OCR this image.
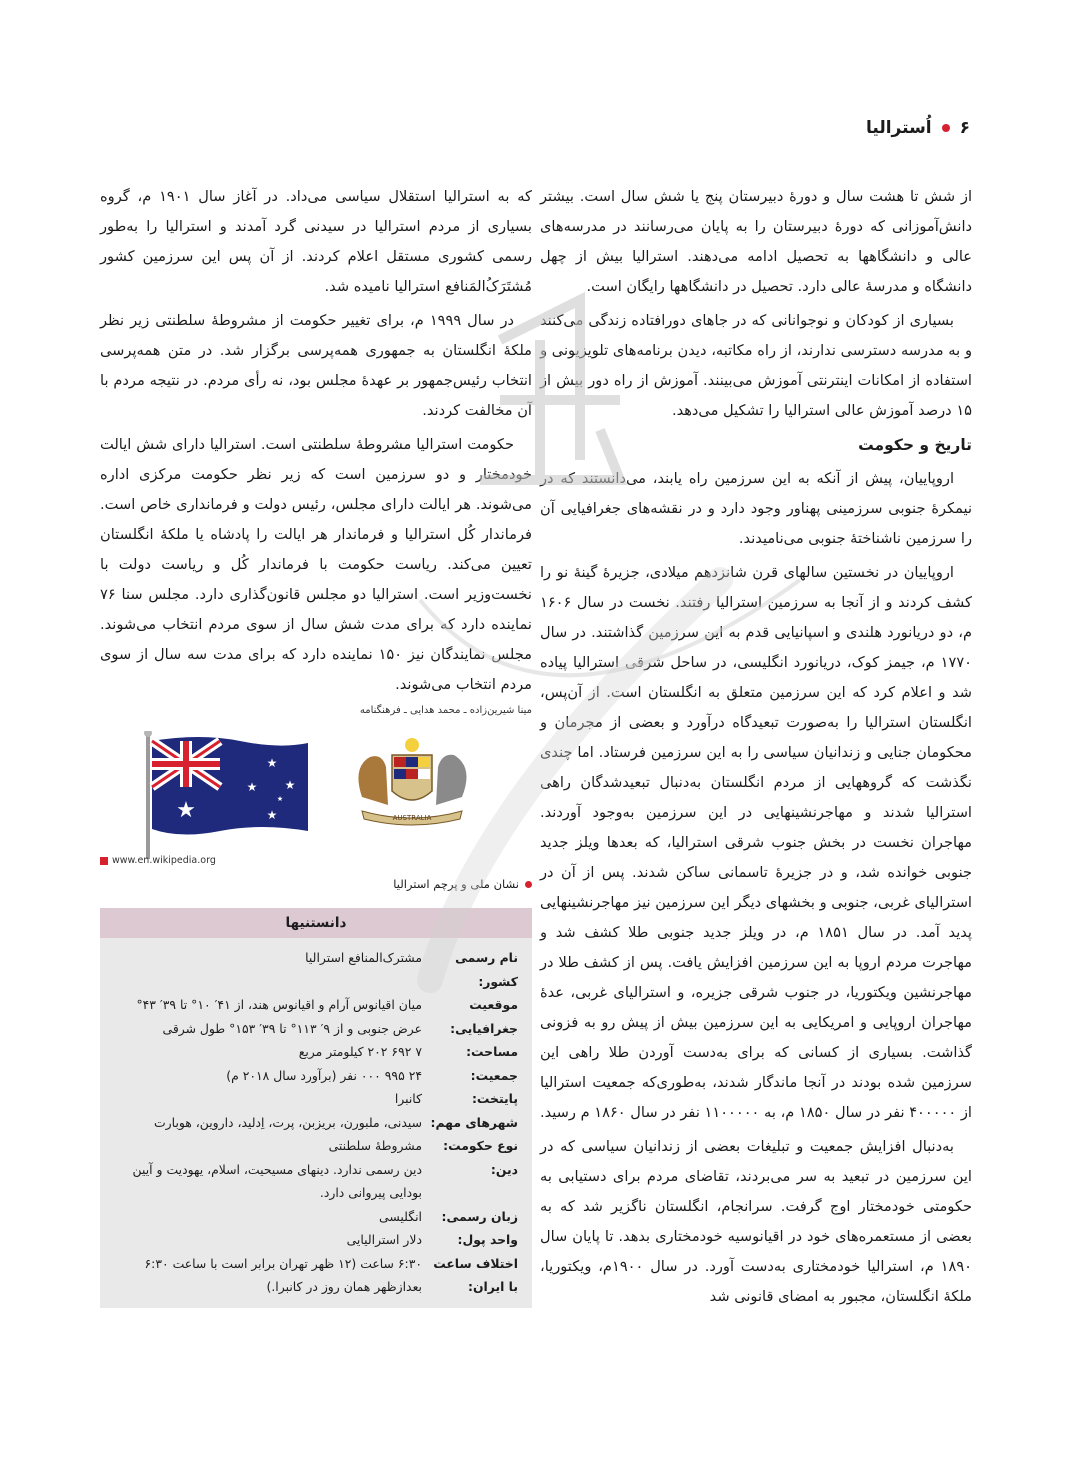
۶
اُسترالیا

از شش تا هشت سال و دورهٔ دبیرستان پنج یا شش سال است. بیشتر دانش‌آموزانی که دورهٔ دبیرستان را به پایان می‌رسانند در مدرسه‌های عالی و دانشگاهها به تحصیل ادامه می‌دهند. استرالیا بیش از چهل دانشگاه و مدرسهٔ عالی دارد. تحصیل در دانشگاهها رایگان است.

بسیاری از کودکان و نوجوانانی که در جاهای دورافتاده زندگی می‌کنند و به مدرسه دسترسی ندارند، از راه مکاتبه، دیدن برنامه‌های تلویزیونی و استفاده از امکانات اینترنتی آموزش می‌بینند. آموزش از راه دور بیش از ۱۵ درصد آموزش عالی استرالیا را تشکیل می‌دهد.

تاریخ و حکومت

اروپاییان، پیش از آنکه به این سرزمین راه یابند، می‌دانستند که در نیمکرهٔ جنوبی سرزمینی پهناور وجود دارد و در نقشه‌های جغرافیایی آن را سرزمین ناشناختهٔ جنوبی می‌نامیدند.

اروپاییان در نخستین سالهای قرن شانزدهم میلادی، جزیرهٔ گینهٔ نو را کشف کردند و از آنجا به سرزمین استرالیا رفتند. نخست در سال ۱۶۰۶ م، دو دریانورد هلندی و اسپانیایی قدم به این سرزمین گذاشتند. در سال ۱۷۷۰ م، جیمز کوک، دریانورد انگلیسی، در ساحل شرقی استرالیا پیاده شد و اعلام کرد که این سرزمین متعلق به انگلستان است. از آن‌پس، انگلستان استرالیا را به‌صورت تبعیدگاه درآورد و بعضی از مجرمان و محکومان جنایی و زندانیان سیاسی را به این سرزمین فرستاد. اما چندی نگذشت که گروههایی از مردم انگلستان به‌دنبال تبعیدشدگان راهی استرالیا شدند و مهاجرنشینهایی در این سرزمین به‌وجود آوردند. مهاجران نخست در بخش جنوب شرقی استرالیا، که بعدها ویلز جدید جنوبی خوانده شد، و در جزیرهٔ تاسمانی ساکن شدند. پس از آن در استرالیای غربی، جنوبی و بخشهای دیگر این سرزمین نیز مهاجرنشینهایی پدید آمد. در سال ۱۸۵۱ م، در ویلز جدید جنوبی طلا کشف شد و مهاجرت مردم اروپا به این سرزمین افزایش یافت. پس از کشف طلا در مهاجرنشین ویکتوریا، در جنوب شرقی جزیره، و استرالیای غربی، عدهٔ مهاجران اروپایی و امریکایی به این سرزمین بیش از پیش رو به فزونی گذاشت. بسیاری از کسانی که برای به‌دست آوردن طلا راهی این سرزمین شده بودند در آنجا ماندگار شدند، به‌طوری‌که جمعیت استرالیا از ۴۰۰۰۰۰ نفر در سال ۱۸۵۰ م، به ۱۱۰۰۰۰۰ نفر در سال ۱۸۶۰ م رسید.

به‌دنبال افزایش جمعیت و تبلیغات بعضی از زندانیان سیاسی که در این سرزمین در تبعید به سر می‌بردند، تقاضای مردم برای دستیابی به حکومتی خودمختار اوج گرفت. سرانجام، انگلستان ناگزیر شد که به بعضی از مستعمره‌های خود در اقیانوسیه خودمختاری بدهد. تا پایان سال ۱۸۹۰ م، استرالیا خودمختاری به‌دست آورد. در سال ۱۹۰۰م، ویکتوریا، ملکهٔ انگلستان، مجبور به امضای قانونی شد

که به استرالیا استقلال سیاسی می‌داد. در آغاز سال ۱۹۰۱ م، گروه بسیاری از مردم استرالیا در سیدنی گرد آمدند و استرالیا را به‌طور رسمی کشوری مستقل اعلام کردند. از آن پس این سرزمین کشور مُشتَرَکُ‌المَنافع استرالیا نامیده شد.

در سال ۱۹۹۹ م، برای تغییر حکومت از مشروطهٔ سلطنتی زیر نظر ملکهٔ انگلستان به جمهوری همه‌پرسی برگزار شد. در متن همه‌پرسی انتخاب رئیس‌جمهور بر عهدهٔ مجلس بود، نه رأی مردم. در نتیجه مردم با آن مخالفت کردند.

حکومت استرالیا مشروطهٔ سلطنتی است. استرالیا دارای شش ایالت خودمختار و دو سرزمین است که زیر نظر حکومت مرکزی اداره می‌شوند. هر ایالت دارای مجلس، رئیس دولت و فرمانداری خاص است. فرماندار کُل استرالیا و فرماندار هر ایالت را پادشاه یا ملکهٔ انگلستان تعیین می‌کند. ریاست حکومت با فرماندار کُل و ریاست دولت با نخست‌وزیر است. استرالیا دو مجلس قانون‌گذاری دارد. مجلس سنا ۷۶ نماینده دارد که برای مدت شش سال از سوی مردم انتخاب می‌شوند. مجلس نمایندگان نیز ۱۵۰ نماینده دارد که برای مدت سه سال از سوی مردم انتخاب می‌شوند.

مینا شیرین‌زاده ـ محمد هدایی ـ فرهنگنامه
★
★
★ ★
★
★
AUSTRALIA
www.en.wikipedia.org
نشان ملی و پرچم استرالیا
دانستنیها
نام رسمی کشور:
مشترک‌المنافع استرالیا
موقعیت جغرافیایی:
میان اقیانوس آرام و اقیانوس هند، از ۴۱′ ۱۰° تا ۳۹′ ۴۳° عرض جنوبی و از ۹′ ۱۱۳° تا ۳۹′ ۱۵۳° طول شرقی
مساحت:
۷ ۶۹۲ ۲۰۲ کیلومتر مربع
جمعیت:
۲۴ ۹۹۵ ۰۰۰ نفر (برآورد سال ۲۰۱۸ م)
پایتخت:
کانبرا
شهرهای مهم:
سیدنی، ملبورن، بریزبن، پرت، اِدلید، داروین، هوبارت
نوع حکومت:
مشروطهٔ سلطنتی
دین:
دین رسمی ندارد. دینهای مسیحیت، اسلام، یهودیت و آیین بودایی پیروانی دارد.
زبان رسمی:
انگلیسی
واحد پول:
دلار استرالیایی
اختلاف ساعت با ایران:
۶:۳۰ ساعت (۱۲ ظهر تهران برابر است با ساعت ۶:۳۰ بعدازظهر همان روز در کانبرا.)
